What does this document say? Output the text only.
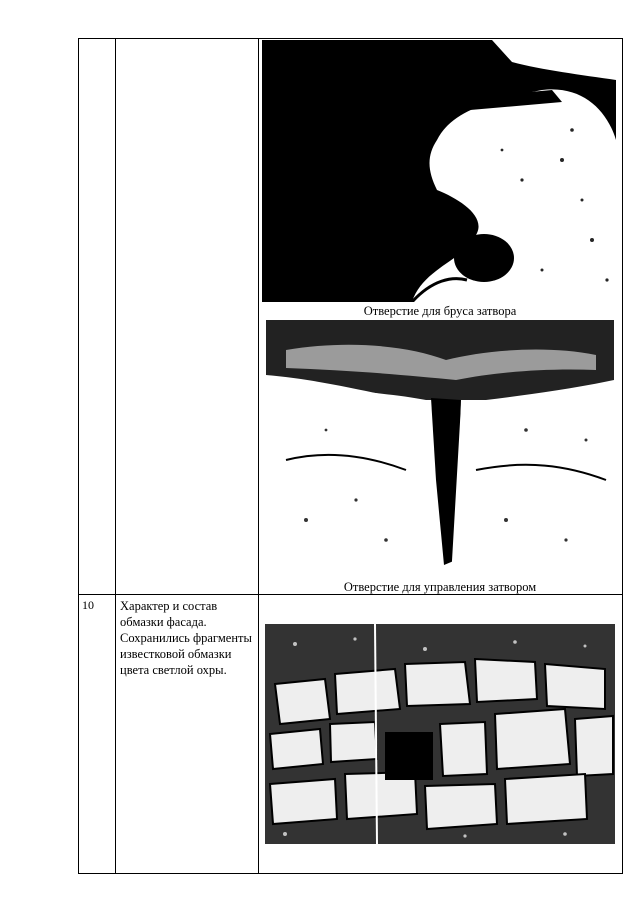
Отверстие для бруса затвора
Отверстие для управления затвором
10 Характер и состав обмазки фасада. Сохранились фрагменты известковой обмазки цвета светлой охры.
